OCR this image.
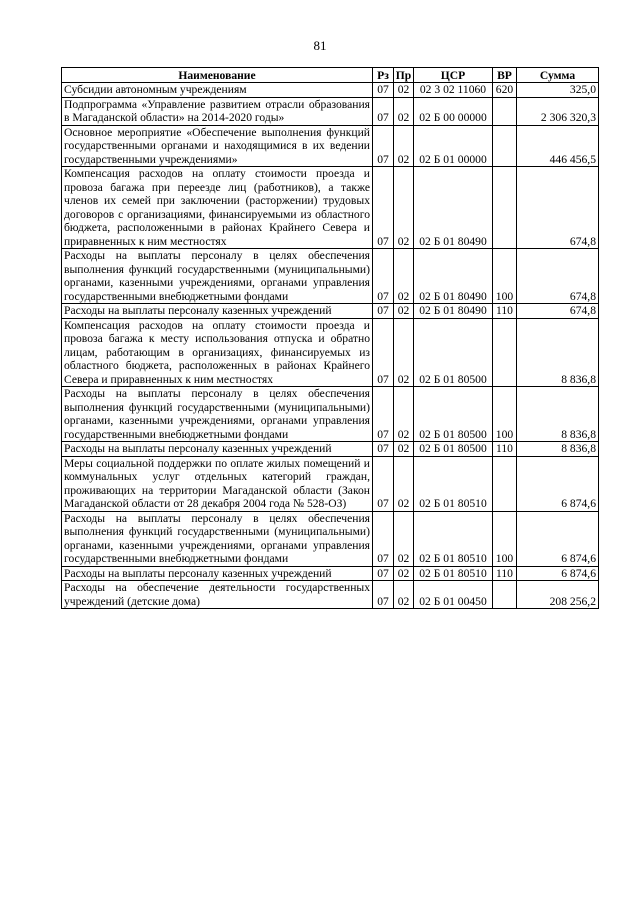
81
Наименование	Рз	Пр	ЦСР	ВР	Сумма
Субсидии автономным учреждениям	07	02	02 3 02 11060	620	325,0
Подпрограмма «Управление развитием отрасли образования в Магаданской области» на 2014-2020 годы»	07	02	02 Б 00 00000		2 306 320,3
Основное мероприятие «Обеспечение выполнения функций государственными органами и находящимися в их ведении государственными учреждениями»	07	02	02 Б 01 00000		446 456,5
Компенсация расходов на оплату стоимости проезда и провоза багажа при переезде лиц (работников), а также членов их семей при заключении (расторжении) трудовых договоров с организациями, финансируемыми из областного бюджета, расположенными в районах Крайнего Севера и приравненных к ним местностях	07	02	02 Б 01 80490		674,8
Расходы на выплаты персоналу в целях обеспечения выполнения функций государственными (муниципальными) органами, казенными учреждениями, органами управления государственными внебюджетными фондами	07	02	02 Б 01 80490	100	674,8
Расходы на выплаты персоналу казенных учреждений	07	02	02 Б 01 80490	110	674,8
Компенсация расходов на оплату стоимости проезда и провоза багажа к месту использования отпуска и обратно лицам, работающим в организациях, финансируемых из областного бюджета, расположенных в районах Крайнего Севера и приравненных к ним местностях	07	02	02 Б 01 80500		8 836,8
Расходы на выплаты персоналу в целях обеспечения выполнения функций государственными (муниципальными) органами, казенными учреждениями, органами управления государственными внебюджетными фондами	07	02	02 Б 01 80500	100	8 836,8
Расходы на выплаты персоналу казенных учреждений	07	02	02 Б 01 80500	110	8 836,8
Меры социальной поддержки по оплате жилых помещений и коммунальных услуг отдельных категорий граждан, проживающих на территории Магаданской области (Закон Магаданской области от 28 декабря 2004 года № 528-ОЗ)	07	02	02 Б 01 80510		6 874,6
Расходы на выплаты персоналу в целях обеспечения выполнения функций государственными (муниципальными) органами, казенными учреждениями, органами управления государственными внебюджетными фондами	07	02	02 Б 01 80510	100	6 874,6
Расходы на выплаты персоналу казенных учреждений	07	02	02 Б 01 80510	110	6 874,6
Расходы на обеспечение деятельности государственных учреждений (детские дома)	07	02	02 Б 01 00450		208 256,2
